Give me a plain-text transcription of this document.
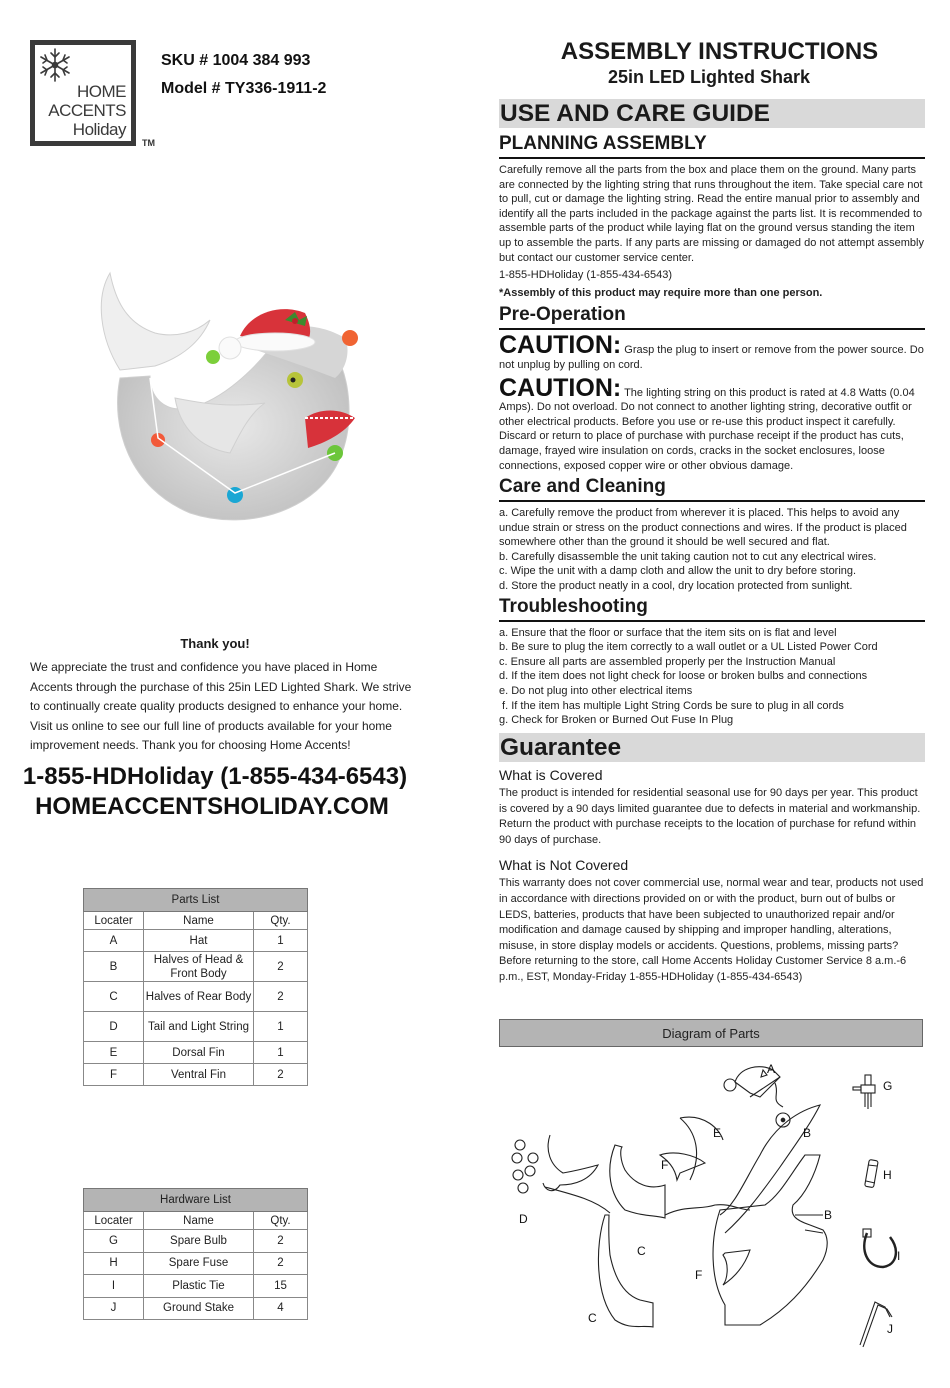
HOME
ACCENTS
Holiday
TM
SKU # 1004 384 993
Model # TY336-1911-2
Thank you!
We appreciate the trust and confidence you have placed in Home Accents through the purchase of this 25in LED Lighted Shark. We strive to continually create quality products designed to enhance your home. Visit us online to see our full line of products available for your home improvement needs. Thank you for choosing Home Accents!
1-855-HDHoliday (1-855-434-6543)
HOMEACCENTSHOLIDAY.COM
Parts List		
Locater	Name	Qty.
A	Hat	1
B	Halves of Head & Front Body	2
C	Halves of Rear Body	2
D	Tail and Light String	1
E	Dorsal Fin	1
F	Ventral Fin	2
Hardware List		
Locater	Name	Qty.
G	Spare Bulb	2
H	Spare Fuse	2
I	Plastic Tie	15
J	Ground Stake	4
ASSEMBLY INSTRUCTIONS
25in LED Lighted Shark
USE AND CARE GUIDE
PLANNING ASSEMBLY

Carefully remove all the parts from the box and place them on the ground. Many parts are connected by the lighting string that runs throughout the item. Take special care not to pull, cut or damage the lighting string. Read the entire manual prior to assembly and identify all the parts included in the package against the parts list. It is recommended to assemble parts of the product while laying flat on the ground versus standing the item up to assemble the parts. If any parts are missing or damaged do not attempt assembly but contact our customer service center.

1-855-HDHoliday (1-855-434-6543)

*Assembly of this product may require more than one person.

Pre-Operation

CAUTION: Grasp the plug to insert or remove from the power source. Do not unplug by pulling on cord.

CAUTION: The lighting string on this product is rated at 4.8 Watts (0.04 Amps). Do not overload. Do not connect to another lighting string, decorative outfit or other electrical products. Before you use or re-use this product inspect it carefully. Discard or return to place of purchase with purchase receipt if the product has cuts, damage, frayed wire insulation on cords, cracks in the socket enclosures, loose connections, exposed copper wire or other obvious damage.

Care and Cleaning

a. Carefully remove the product from wherever it is placed. This helps to avoid any undue strain or stress on the product connections and wires. If the product is placed somewhere other than the ground it should be well secured and flat.

b. Carefully disassemble the unit taking caution not to cut any electrical wires.

c. Wipe the unit with a damp cloth and allow the unit to dry before storing.

d. Store the product neatly in a cool, dry location protected from sunlight.

Troubleshooting

a. Ensure that the floor or surface that the item sits on is flat and level

b. Be sure to plug the item correctly to a wall outlet or a UL Listed Power Cord

c. Ensure all parts are assembled properly per the Instruction Manual

d. If the item does not light check for loose or broken bulbs and connections

e. Do not plug into other electrical items

f. If the item has multiple Light String Cords be sure to plug in all cords

g. Check for Broken or Burned Out Fuse In Plug

Guarantee
What is Covered

The product is intended for residential seasonal use for 90 days per year. This product is covered by a 90 days limited guarantee due to defects in material and workmanship. Return the product with purchase receipts to the location of purchase for refund within 90 days of purchase.

What is Not Covered

This warranty does not cover commercial use, normal wear and tear, products not used in accordance with directions provided on or with the product, burn out of bulbs or LEDS, batteries, products that have been subjected to unauthorized repair and/or modification and damage caused by shipping and improper handling, alterations, misuse, in store display models or accidents. Questions, problems, missing parts? Before returning to the store, call Home Accents Holiday Customer Service 8 a.m.-6 p.m., EST, Monday-Friday 1-855-HDHoliday (1-855-434-6543)

Diagram of Parts
A
G
E	B
F
H
D
C
B
F
I
C
J
